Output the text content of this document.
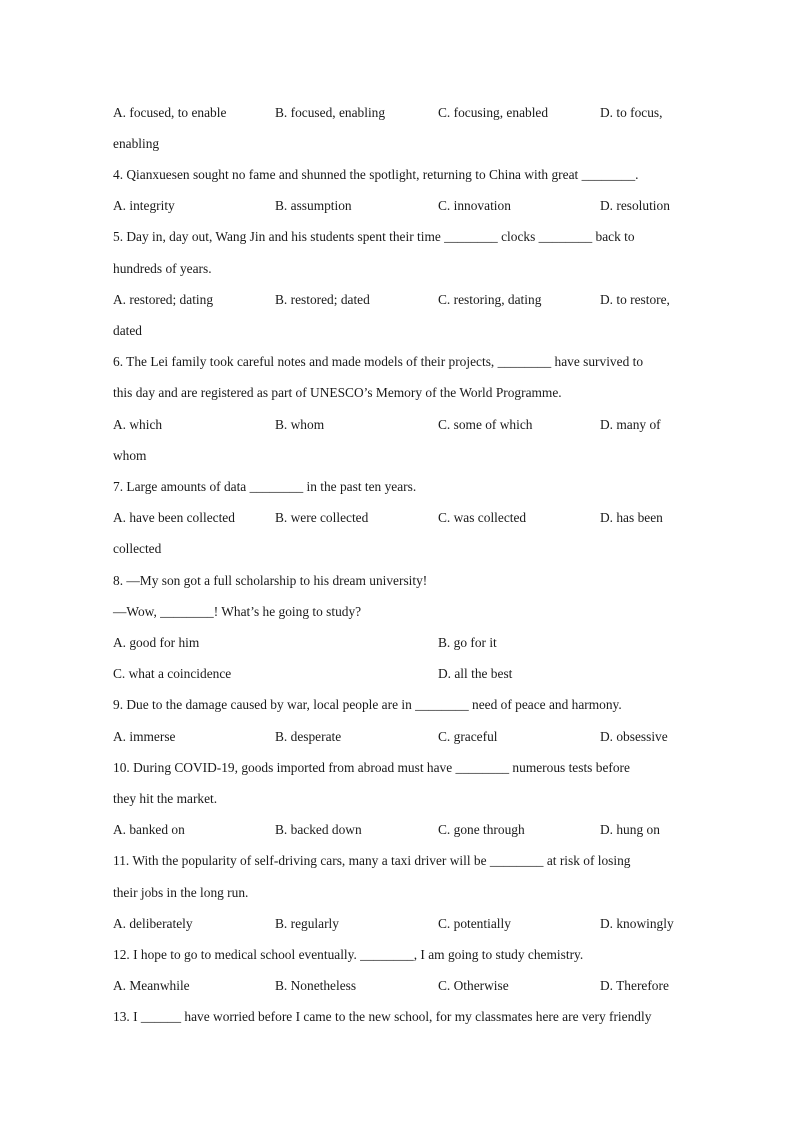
A. focused, to enable	B. focused, enabling	C. focusing, enabled	D. to focus,
enabling
4. Qianxuesen sought no fame and shunned the spotlight, returning to China with great ________.
A. integrity	B. assumption	C. innovation	D. resolution
5. Day in, day out, Wang Jin and his students spent their time ________ clocks ________ back to
hundreds of years.
A. restored; dating	B. restored; dated	C. restoring, dating	D. to restore,
dated
6. The Lei family took careful notes and made models of their projects, ________ have survived to
this day and are registered as part of UNESCO’s Memory of the World Programme.
A. which	B. whom	C. some of which	D. many of
whom
7. Large amounts of data ________ in the past ten years.
A. have been collected	B. were collected	C. was collected	D. has been
collected
8. —My son got a full scholarship to his dream university!
—Wow, ________! What’s he going to study?
A. good for him	B. go for it
C. what a coincidence	D. all the best
9. Due to the damage caused by war, local people are in ________ need of peace and harmony.
A. immerse	B. desperate	C. graceful	D. obsessive
10. During COVID-19, goods imported from abroad must have ________ numerous tests before
they hit the market.
A. banked on	B. backed down	C. gone through	D. hung on
11. With the popularity of self-driving cars, many a taxi driver will be ________ at risk of losing
their jobs in the long run.
A. deliberately	B. regularly	C. potentially	D. knowingly
12. I hope to go to medical school eventually. ________, I am going to study chemistry.
A. Meanwhile	B. Nonetheless	C. Otherwise	D. Therefore
13. I ______ have worried before I came to the new school, for my classmates here are very friendly
